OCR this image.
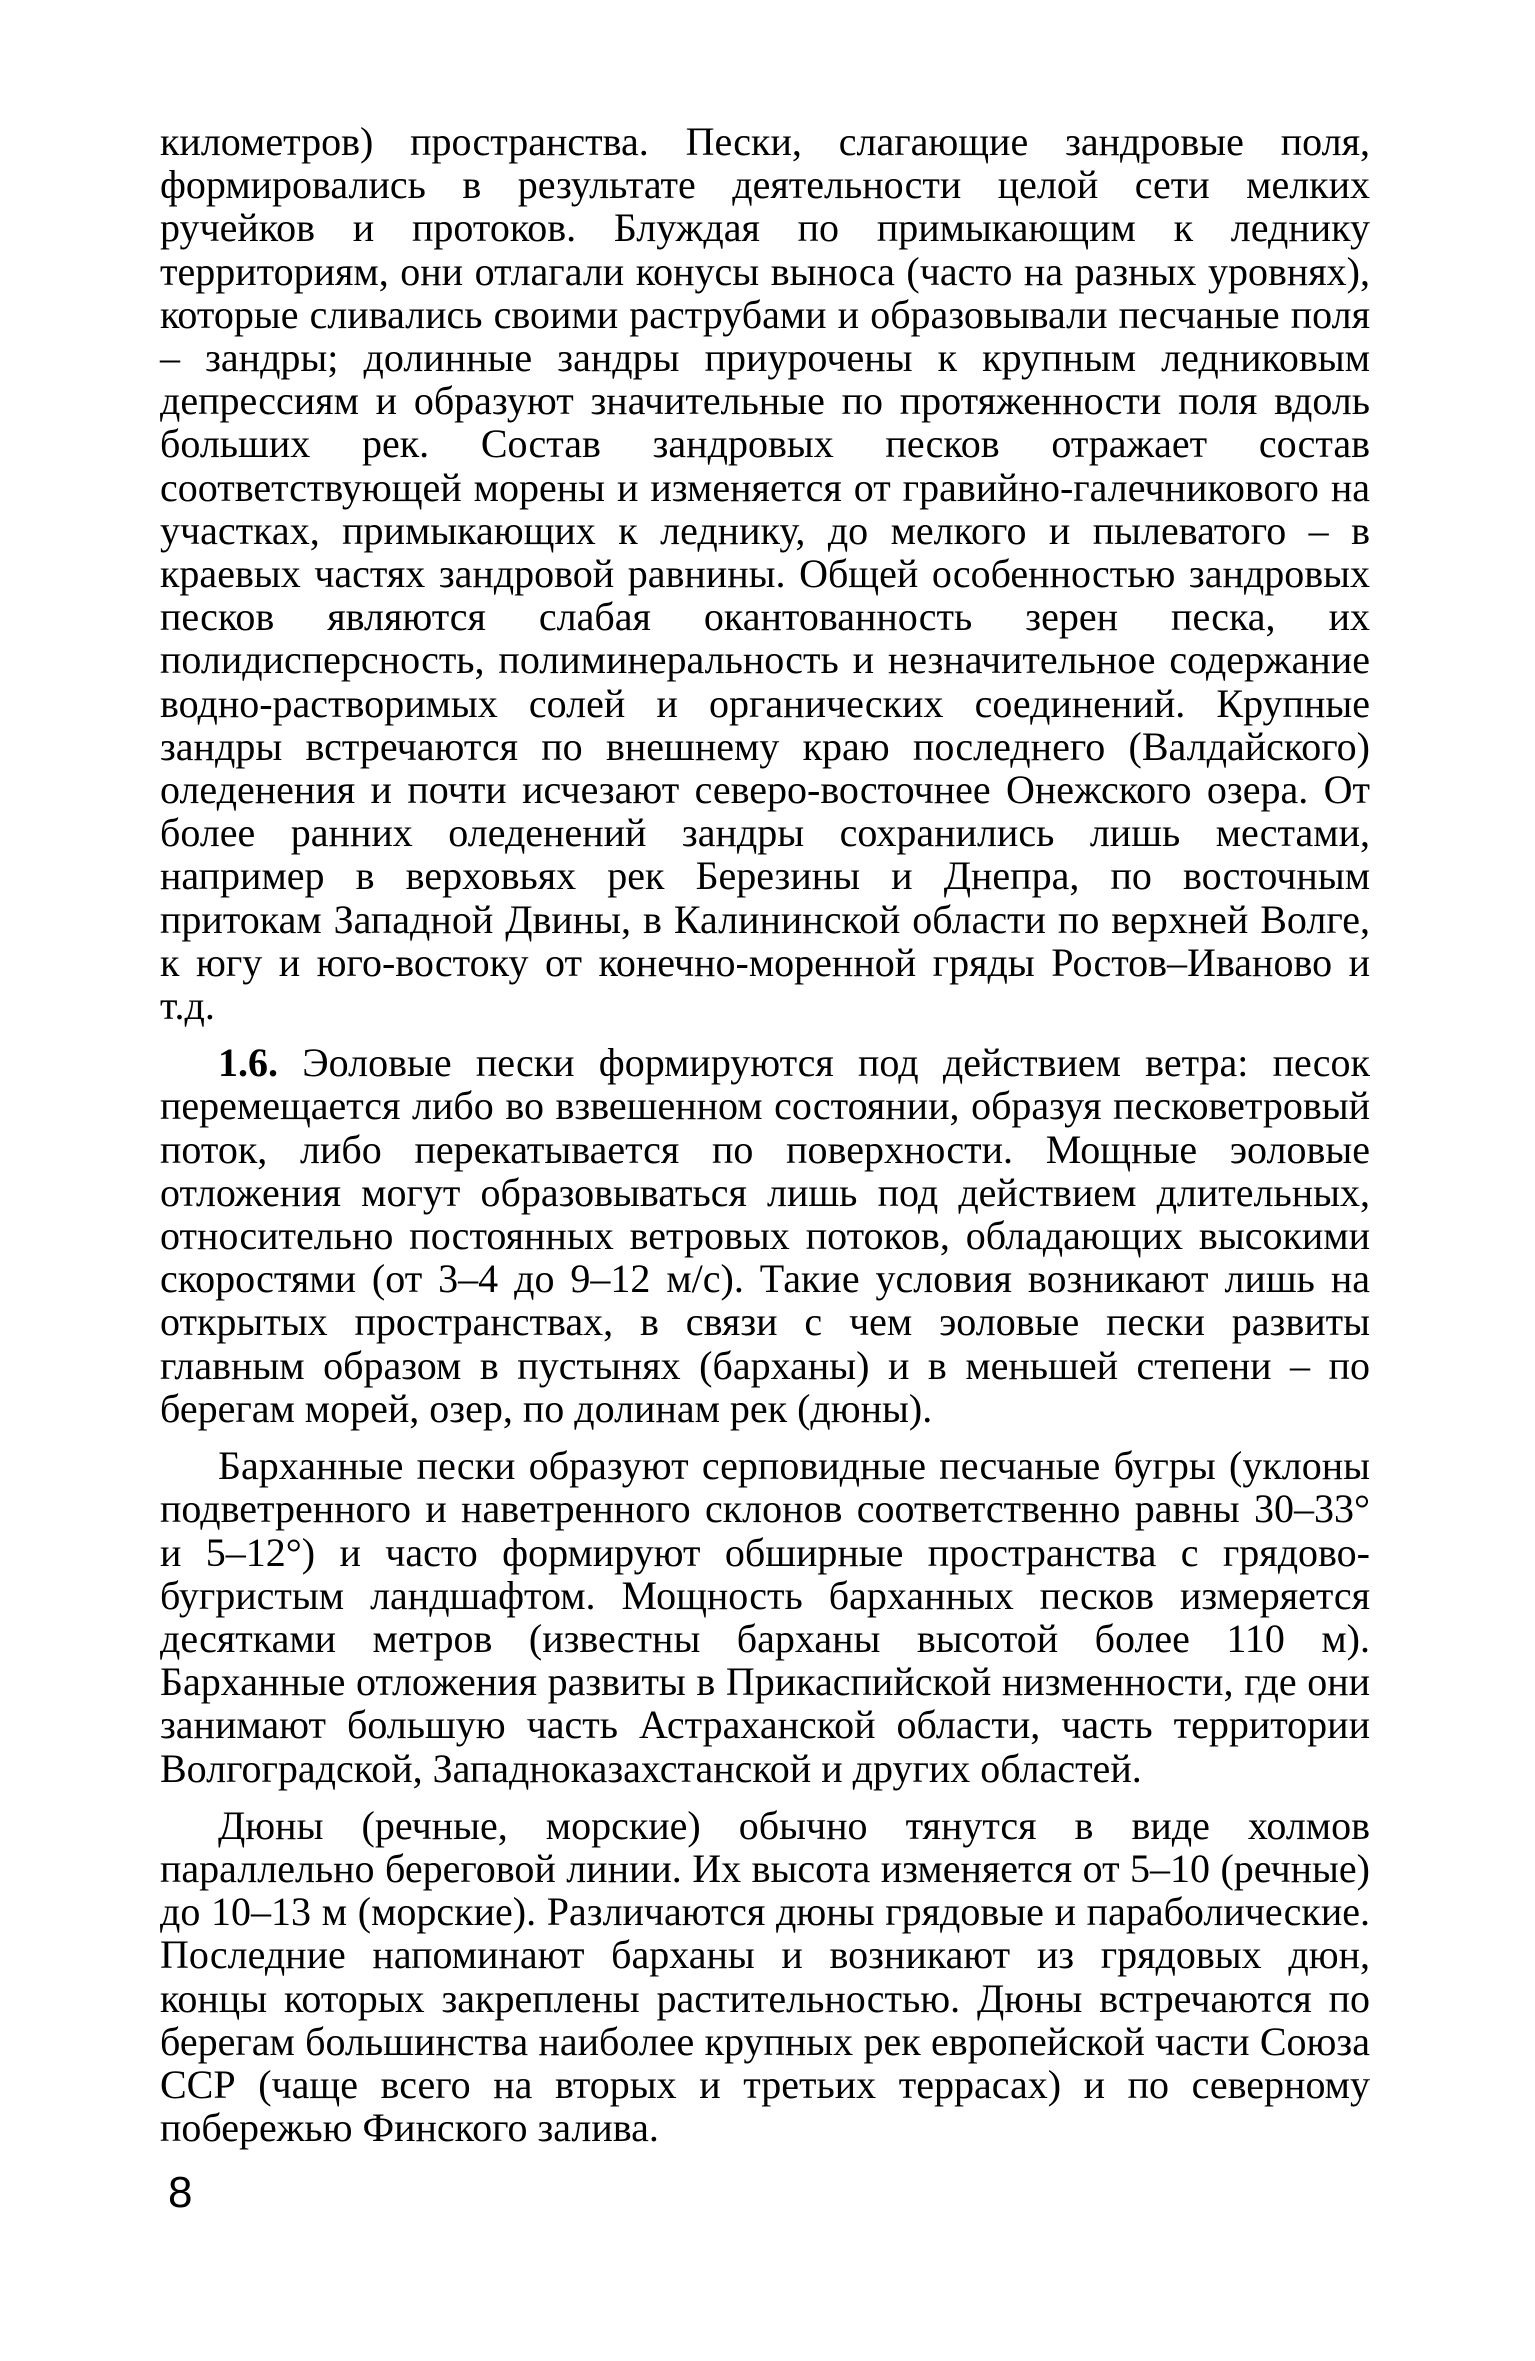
километров) пространства. Пески, слагающие зандровые поля, формировались в результате деятельности целой сети мелких ручейков и протоков. Блуждая по примыкающим к леднику территориям, они отлагали конусы выноса (часто на разных уровнях), которые сливались своими раструбами и образовывали песчаные поля – зандры; долинные зандры приурочены к крупным ледниковым депрессиям и образуют значительные по протяженности поля вдоль больших рек. Состав зандровых песков отражает состав соответствующей морены и изменяется от гравийно-галечникового на участках, примыкающих к леднику, до мелкого и пылеватого – в краевых частях зандровой равнины. Общей особенностью зандровых песков являются слабая окантованность зерен песка, их полидисперсность, полиминеральность и незначительное содержание водно-растворимых солей и органических соединений. Крупные зандры встречаются по внешнему краю последнего (Валдайского) оледенения и почти исчезают северо-восточнее Онежского озера. От более ранних оледенений зандры сохранились лишь местами, например в верховьях рек Березины и Днепра, по восточным притокам Западной Двины, в Калининской области по верхней Волге, к югу и юго-востоку от конечно-моренной гряды Ростов–Иваново и т.д.

1.6. Эоловые пески формируются под действием ветра: песок перемещается либо во взвешенном состоянии, образуя песковетровый поток, либо перекатывается по поверхности. Мощные эоловые отложения могут образовываться лишь под действием длительных, относительно постоянных ветровых потоков, обладающих высокими скоростями (от 3–4 до 9–12 м/с). Такие условия возникают лишь на открытых пространствах, в связи с чем эоловые пески развиты главным образом в пустынях (барханы) и в меньшей степени – по берегам морей, озер, по долинам рек (дюны).

Барханные пески образуют серповидные песчаные бугры (уклоны подветренного и наветренного склонов соответственно равны 30–33° и 5–12°) и часто формируют обширные пространства с грядово-бугристым ландшафтом. Мощность барханных песков измеряется десятками метров (известны барханы высотой более 110 м). Барханные отложения развиты в Прикаспийской низменности, где они занимают большую часть Астраханской области, часть территории Волгоградской, Западноказахстанской и других областей.

Дюны (речные, морские) обычно тянутся в виде холмов параллельно береговой линии. Их высота изменяется от 5–10 (речные) до 10–13 м (морские). Различаются дюны грядовые и параболические. Последние напоминают барханы и возникают из грядовых дюн, концы которых закреплены растительностью. Дюны встречаются по берегам большинства наиболее крупных рек европейской части Союза ССР (чаще всего на вторых и третьих террасах) и по северному побережью Финского залива.

8
